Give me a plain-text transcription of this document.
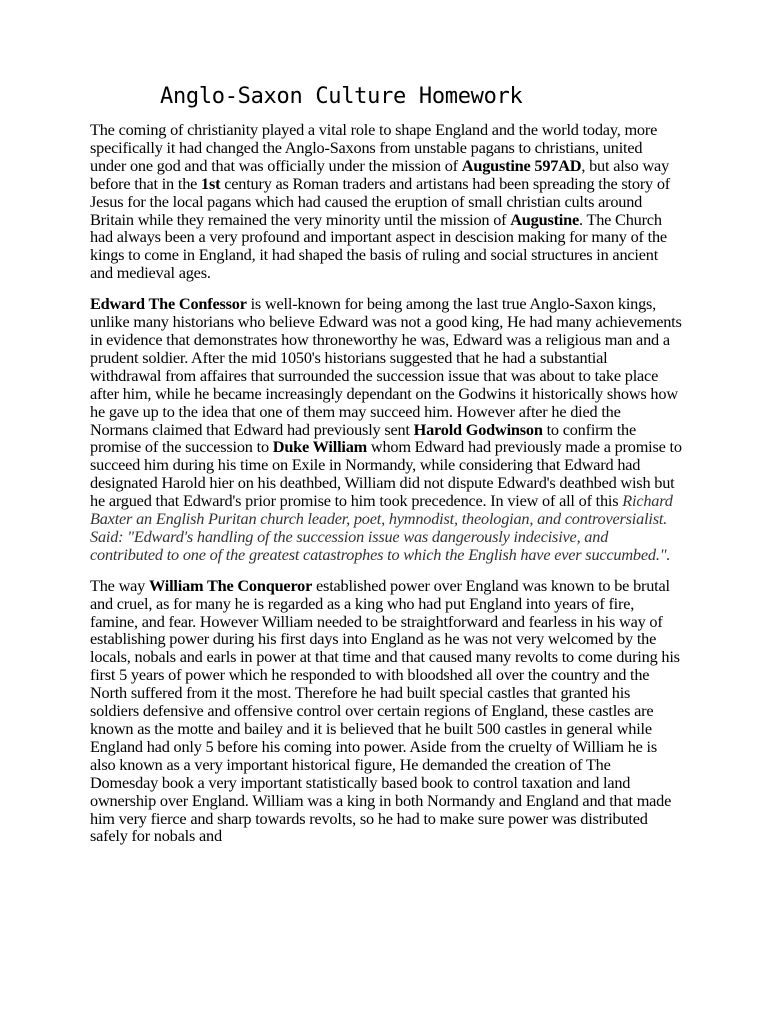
Anglo-Saxon Culture Homework

The coming of christianity played a vital role to shape England and the world today, more specifically it had changed the Anglo-Saxons from unstable pagans to christians, united under one god and that was officially under the mission of Augustine 597AD, but also way before that in the 1st century as Roman traders and artistans had been spreading the story of Jesus for the local pagans which had caused the eruption of small christian cults around Britain while they remained the very minority until the mission of Augustine. The Church had always been a very profound and important aspect in descision making for many of the kings to come in England, it had shaped the basis of ruling and social structures in ancient and medieval ages.

Edward The Confessor is well-known for being among the last true Anglo-Saxon kings, unlike many historians who believe Edward was not a good king, He had many achievements in evidence that demonstrates how throneworthy he was, Edward was a religious man and a prudent soldier. After the mid 1050's historians suggested that he had a substantial withdrawal from affaires that surrounded the succession issue that was about to take place after him, while he became increasingly dependant on the Godwins it historically shows how he gave up to the idea that one of them may succeed him. However after he died the Normans claimed that Edward had previously sent Harold Godwinson to confirm the promise of the succession to Duke William whom Edward had previously made a promise to succeed him during his time on Exile in Normandy, while considering that Edward had designated Harold hier on his deathbed, William did not dispute Edward's deathbed wish but he argued that Edward's prior promise to him took precedence. In view of all of this Richard Baxter an English Puritan church leader, poet, hymnodist, theologian, and controversialist. Said: "Edward's handling of the succession issue was dangerously indecisive, and contributed to one of the greatest catastrophes to which the English have ever succumbed.".

The way William The Conqueror established power over England was known to be brutal and cruel, as for many he is regarded as a king who had put England into years of fire, famine, and fear. However William needed to be straightforward and fearless in his way of establishing power during his first days into England as he was not very welcomed by the locals, nobals and earls in power at that time and that caused many revolts to come during his first 5 years of power which he responded to with bloodshed all over the country and the North suffered from it the most. Therefore he had built special castles that granted his soldiers defensive and offensive control over certain regions of England, these castles are known as the motte and bailey and it is believed that he built 500 castles in general while England had only 5 before his coming into power. Aside from the cruelty of William he is also known as a very important historical figure, He demanded the creation of The Domesday book a very important statistically based book to control taxation and land ownership over England. William was a king in both Normandy and England and that made him very fierce and sharp towards revolts, so he had to make sure power was distributed safely for nobals and
